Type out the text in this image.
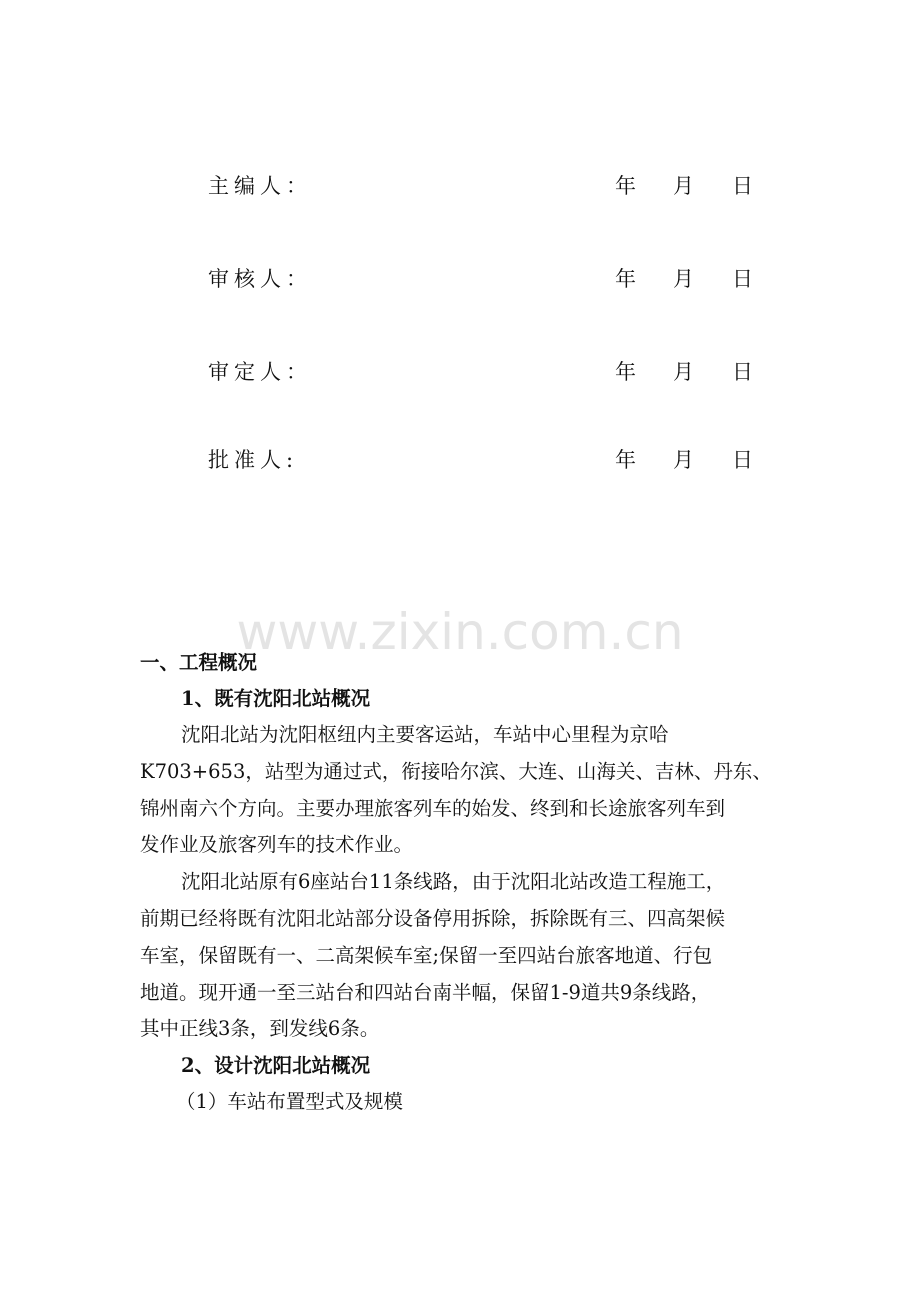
主编人：	年 月 日
审核人：	年 月 日
审定人：	年 月 日
批准人:	年 月 日
www.zixin.com.cn
一、工程概况
1、既有沈阳北站概况
沈阳北站为沈阳枢纽内主要客运站，车站中心里程为京哈
K703+653，站型为通过式，衔接哈尔滨、大连、山海关、吉林、丹东、
锦州南六个方向。主要办理旅客列车的始发、终到和长途旅客列车到
发作业及旅客列车的技术作业。
沈阳北站原有6座站台11条线路，由于沈阳北站改造工程施工，
前期已经将既有沈阳北站部分设备停用拆除，拆除既有三、四高架候
车室，保留既有一、二高架候车室;保留一至四站台旅客地道、行包
地道。现开通一至三站台和四站台南半幅，保留1-9道共9条线路，
其中正线3条，到发线6条。
2、设计沈阳北站概况
（1）车站布置型式及规模
